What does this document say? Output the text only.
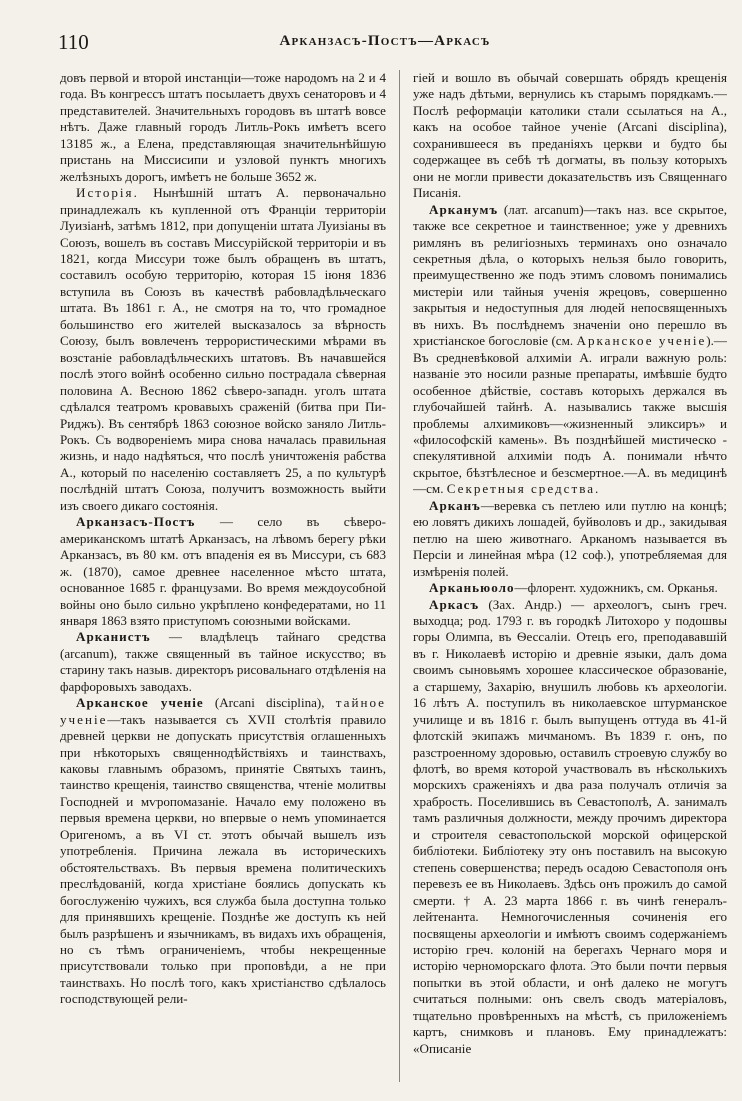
110	Арканзасъ-Постъ—Аркасъ

довъ первой и второй инстанціи—тоже народомъ на 2 и 4 года. Въ конгрессъ штатъ посылаетъ двухъ сенаторовъ и 4 представителей. Значительныхъ городовъ въ штатѣ вовсе нѣтъ. Даже главный городъ Литль-Рокъ имѣетъ всего 13185 ж., а Елена, представляющая значительнѣйшую пристань на Миссисипи и узловой пунктъ многихъ желѣзныхъ дорогъ, имѣетъ не больше 3652 ж.

Исторія. Нынѣшній штатъ А. первоначально принадлежалъ къ купленной отъ Франціи территоріи Луизіанѣ, затѣмъ 1812, при допущеніи штата Луизіаны въ Союзъ, вошелъ въ составъ Миссурійской территоріи и въ 1821, когда Миссури тоже былъ обращенъ въ штатъ, составилъ особую территорію, которая 15 іюня 1836 вступила въ Союзъ въ качествѣ рабовладѣльческаго штата. Въ 1861 г. А., не смотря на то, что громадное большинство его жителей высказалось за вѣрность Союзу, былъ вовлеченъ террористическими мѣрами въ возстаніе рабовладѣльческихъ штатовъ. Въ начавшейся послѣ этого войнѣ особенно сильно пострадала сѣверная половина А. Весною 1862 сѣверо-западн. уголъ штата сдѣлался театромъ кровавыхъ сраженій (битва при Пи-Риджъ). Въ сентябрѣ 1863 союзное войско заняло Литль-Рокъ. Съ водвореніемъ мира снова началась правильная жизнь, и надо надѣяться, что послѣ уничтоженія рабства А., который по населенію составляетъ 25, а по культурѣ послѣдній штатъ Союза, получитъ возможность выйти изъ своего дикаго состоянія.

Арканзасъ-Постъ — село въ сѣверо-американскомъ штатѣ Арканзасъ, на лѣвомъ берегу рѣки Арканзасъ, въ 80 км. отъ впаденія ея въ Миссури, съ 683 ж. (1870), самое древнее населенное мѣсто штата, основанное 1685 г. французами. Во время междоусобной войны оно было сильно укрѣплено конфедератами, но 11 января 1863 взято приступомъ союзными войсками.

Арканистъ — владѣлецъ тайнаго средства (arcanum), также священный въ тайное искусство; въ старину такъ назыв. директоръ рисовальнаго отдѣленія на фарфоровыхъ заводахъ.

Арканское ученіе (Arcani disciplina), тайное ученіе—такъ называется съ XVII столѣтія правило древней церкви не допускать присутствія оглашенныхъ при нѣкоторыхъ священнодѣйствіяхъ и таинствахъ, каковы главнымъ образомъ, принятіе Святыхъ таинъ, таинство крещенія, таинство священства, чтеніе молитвы Господней и мѵропомазаніе. Начало ему положено въ первыя времена церкви, но впервые о немъ упоминается Оригеномъ, а въ VI ст. этотъ обычай вышелъ изъ употребленія. Причина лежала въ историческихъ обстоятельствахъ. Въ первыя времена политическихъ преслѣдованій, когда христіане боялись допускать къ богослуженію чужихъ, вся служба была доступна только для принявшихъ крещеніе. Позднѣе же доступъ къ ней былъ разрѣшенъ и язычникамъ, въ видахъ ихъ обращенія, но съ тѣмъ ограниченіемъ, чтобы некрещенные присутствовали только при проповѣди, а не при таинствахъ. Но послѣ того, какъ христіанство сдѣлалось господствующей рели-

гіей и вошло въ обычай совершать обрядъ крещенія уже надъ дѣтьми, вернулись къ старымъ порядкамъ.—Послѣ реформаціи католики стали ссылаться на А., какъ на особое тайное ученіе (Arcani disciplina), сохранившееся въ преданіяхъ церкви и будто бы содержащее въ себѣ тѣ догматы, въ пользу которыхъ они не могли привести доказательствъ изъ Священнаго Писанія.

Арканумъ (лат. arcanum)—такъ наз. все скрытое, также все секретное и таинственное; уже у древнихъ римлянъ въ религіозныхъ терминахъ оно означало секретныя дѣла, о которыхъ нельзя было говорить, преимущественно же подъ этимъ словомъ понимались мистеріи или тайныя ученія жрецовъ, совершенно закрытыя и недоступныя для людей непосвященныхъ въ нихъ. Въ послѣднемъ значеніи оно перешло въ христіанское богословіе (см. Арканское ученіе).—Въ средневѣковой алхиміи А. играли важную роль: названіе это носили разные препараты, имѣвшіе будто особенное дѣйствіе, составъ которыхъ держался въ глубочайшей тайнѣ. А. назывались также высшія проблемы алхимиковъ—«жизненный эликсиръ» и «философскій камень». Въ позднѣйшей мистическо - спекулятивной алхиміи подъ А. понимали нѣчто скрытое, бѣзтѣлесное и безсмертное.—А. въ медицинѣ—см. Секретныя средства.

Арканъ—веревка съ петлею или путлю на концѣ; ею ловятъ дикихъ лошадей, буйволовъ и др., закидывая петлю на шею животнаго. Арканомъ называется въ Персіи и линейная мѣра (12 соф.), употребляемая для измѣренія полей.

Арканьюоло—флорент. художникъ, см. Орканья.

Аркасъ (Зах. Андр.) — археологъ, сынъ греч. выходца; род. 1793 г. въ городкѣ Литохоро у подошвы горы Олимпа, въ Ѳессаліи. Отецъ его, преподававшій въ г. Николаевѣ исторію и древніе языки, далъ дома своимъ сыновьямъ хорошее классическое образованіе, а старшему, Захарію, внушилъ любовь къ археологіи. 16 лѣтъ А. поступилъ въ николаевское штурманское училище и въ 1816 г. былъ выпущенъ оттуда въ 41-й флотскій экипажъ мичманомъ. Въ 1839 г. онъ, по разстроенному здоровью, оставилъ строевую службу во флотѣ, во время которой участвовалъ въ нѣсколькихъ морскихъ сраженіяхъ и два раза получалъ отличія за храбрость. Поселившись въ Севастополѣ, А. занималъ тамъ различныя должности, между прочимъ директора и строителя севастопольской морской офицерской библіотеки. Библіотеку эту онъ поставилъ на высокую степень совершенства; передъ осадою Севастополя онъ перевезъ ее въ Николаевъ. Здѣсь онъ прожилъ до самой смерти. † А. 23 марта 1866 г. въ чинѣ генералъ-лейтенанта. Немногочисленныя сочиненія его посвящены археологіи и имѣютъ своимъ содержаніемъ исторію греч. колоній на берегахъ Чернаго моря и исторію черноморскаго флота. Это были почти первыя попытки въ этой области, и онѣ далеко не могутъ считаться полными: онъ свелъ сводъ матеріаловъ, тщательно провѣренныхъ на мѣстѣ, съ приложеніемъ картъ, снимковъ и плановъ. Ему принадлежатъ: «Описаніе
